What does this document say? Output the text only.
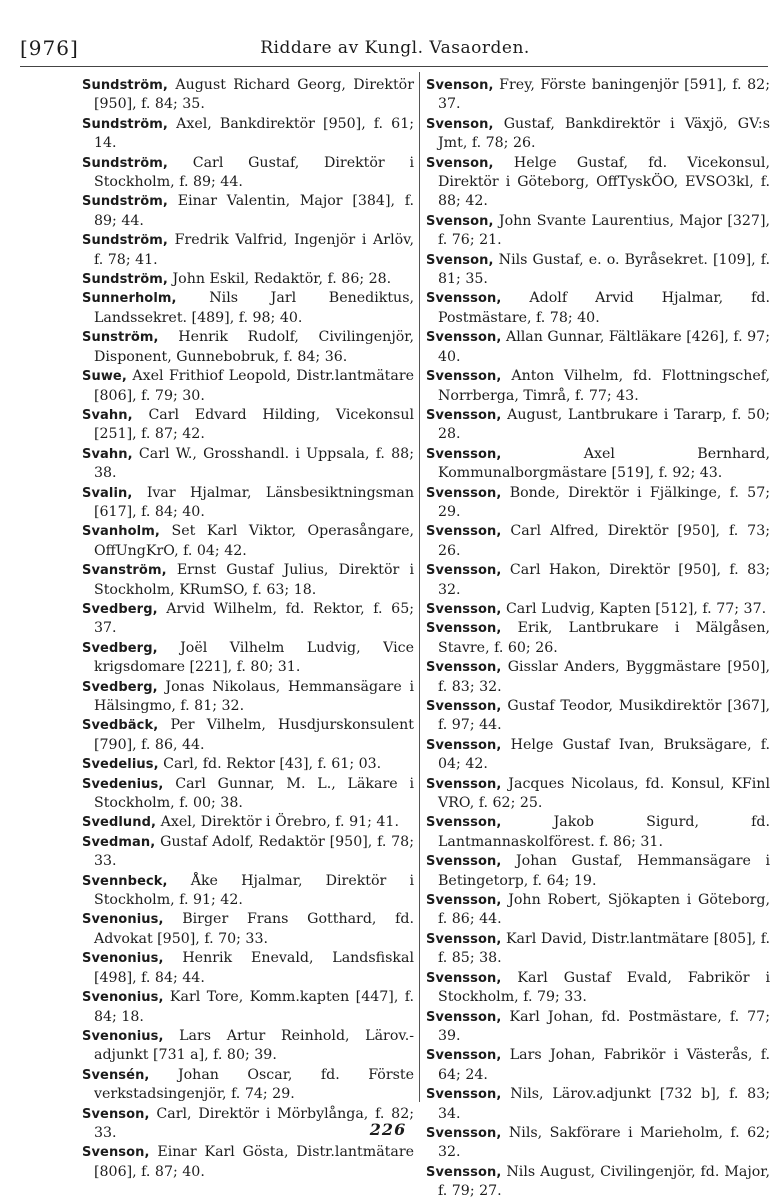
[976]	Riddare av Kungl. Vasaorden.

Sundström, August Richard Georg, Direktör [950], f. 84; 35.

Sundström, Axel, Bankdirektör [950], f. 61; 14.

Sundström, Carl Gustaf, Direktör i Stockholm, f. 89; 44.

Sundström, Einar Valentin, Major [384], f. 89; 44.

Sundström, Fredrik Valfrid, Ingenjör i Arlöv, f. 78; 41.

Sundström, John Eskil, Redaktör, f. 86; 28.

Sunnerholm, Nils Jarl Benediktus, Landssekret. [489], f. 98; 40.

Sunström, Henrik Rudolf, Civilingenjör, Disponent, Gunnebobruk, f. 84; 36.

Suwe, Axel Frithiof Leopold, Distr.lantmätare [806], f. 79; 30.

Svahn, Carl Edvard Hilding, Vicekonsul [251], f. 87; 42.

Svahn, Carl W., Grosshandl. i Uppsala, f. 88; 38.

Svalin, Ivar Hjalmar, Länsbesiktningsman [617], f. 84; 40.

Svanholm, Set Karl Viktor, Operasångare, OffUngKrO, f. 04; 42.

Svanström, Ernst Gustaf Julius, Direktör i Stockholm, KRumSO, f. 63; 18.

Svedberg, Arvid Wilhelm, fd. Rektor, f. 65; 37.

Svedberg, Joël Vilhelm Ludvig, Vice krigsdomare [221], f. 80; 31.

Svedberg, Jonas Nikolaus, Hemmansägare i Hälsingmo, f. 81; 32.

Svedbäck, Per Vilhelm, Husdjurskonsulent [790], f. 86, 44.

Svedelius, Carl, fd. Rektor [43], f. 61; 03.

Svedenius, Carl Gunnar, M. L., Läkare i Stockholm, f. 00; 38.

Svedlund, Axel, Direktör i Örebro, f. 91; 41.

Svedman, Gustaf Adolf, Redaktör [950], f. 78; 33.

Svennbeck, Åke Hjalmar, Direktör i Stockholm, f. 91; 42.

Svenonius, Birger Frans Gotthard, fd. Advokat [950], f. 70; 33.

Svenonius, Henrik Enevald, Landsfiskal [498], f. 84; 44.

Svenonius, Karl Tore, Komm.kapten [447], f. 84; 18.

Svenonius, Lars Artur Reinhold, Lärov.-adjunkt [731 a], f. 80; 39.

Svensén, Johan Oscar, fd. Förste verkstadsingenjör, f. 74; 29.

Svenson, Carl, Direktör i Mörbylånga, f. 82; 33.

Svenson, Einar Karl Gösta, Distr.lantmätare [806], f. 87; 40.

Svenson, Frey, Förste baningenjör [591], f. 82; 37.

Svenson, Gustaf, Bankdirektör i Växjö, GV:s Jmt, f. 78; 26.

Svenson, Helge Gustaf, fd. Vicekonsul, Direktör i Göteborg, OffTyskÖO, EVSO3kl, f. 88; 42.

Svenson, John Svante Laurentius, Major [327], f. 76; 21.

Svenson, Nils Gustaf, e. o. Byråsekret. [109], f. 81; 35.

Svensson, Adolf Arvid Hjalmar, fd. Postmästare, f. 78; 40.

Svensson, Allan Gunnar, Fältläkare [426], f. 97; 40.

Svensson, Anton Vilhelm, fd. Flottningschef, Norrberga, Timrå, f. 77; 43.

Svensson, August, Lantbrukare i Tararp, f. 50; 28.

Svensson,	Axel Bernhard, Kommunalborgmästare [519], f. 92; 43.

Svensson, Bonde, Direktör i Fjälkinge, f. 57; 29.

Svensson, Carl Alfred, Direktör [950], f. 73; 26.

Svensson, Carl Hakon, Direktör [950], f. 83; 32.

Svensson, Carl Ludvig, Kapten [512], f. 77; 37.

Svensson, Erik, Lantbrukare i Mälgåsen, Stavre, f. 60; 26.

Svensson, Gisslar Anders, Byggmästare [950], f. 83; 32.

Svensson, Gustaf Teodor, Musikdirektör [367], f. 97; 44.

Svensson, Helge Gustaf Ivan, Bruksägare, f. 04; 42.

Svensson, Jacques Nicolaus, fd. Konsul, KFinl VRO, f. 62; 25.

Svensson,	Jakob Sigurd, fd. Lantmannaskolförest. f. 86; 31.

Svensson, Johan Gustaf, Hemmansägare i Betingetorp, f. 64; 19.

Svensson, John Robert, Sjökapten i Göteborg, f. 86; 44.

Svensson, Karl David, Distr.lantmätare [805], f. f. 85; 38.

Svensson, Karl Gustaf Evald, Fabrikör i Stockholm, f. 79; 33.

Svensson, Karl Johan, fd. Postmästare, f. 77; 39.

Svensson, Lars Johan, Fabrikör i Västerås, f. 64; 24.

Svensson, Nils, Lärov.adjunkt [732 b], f. 83; 34.

Svensson, Nils, Sakförare i Marieholm, f. 62; 32.

Svensson, Nils August, Civilingenjör, fd. Major, f. 79; 27.

226
